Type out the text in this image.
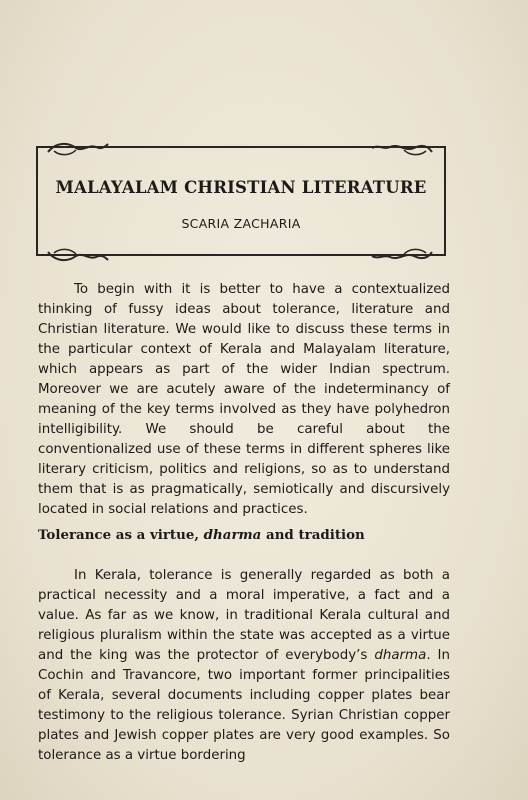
MALAYALAM CHRISTIAN LITERATURE
SCARIA ZACHARIA

To begin with it is better to have a contextualized thinking of fussy ideas about tolerance, literature and Christian literature. We would like to discuss these terms in the particular context of Kerala and Malayalam literature, which appears as part of the wider Indian spectrum. Moreover we are acutely aware of the indeterminancy of meaning of the key terms involved as they have polyhedron intelligibility. We should be careful about the conventionalized use of these terms in different spheres like literary criticism, politics and religions, so as to understand them that is as pragmatically, semiotically and discursively located in social relations and practices.

Tolerance as a virtue, dharma and tradition

In Kerala, tolerance is generally regarded as both a practical necessity and a moral imperative, a fact and a value. As far as we know, in traditional Kerala cultural and religious pluralism within the state was accepted as a virtue and the king was the protector of everybody’s dharma. In Cochin and Travancore, two important former principalities of Kerala, several documents including copper plates bear testimony to the religious tolerance. Syrian Christian copper plates and Jewish copper plates are very good examples. So tolerance as a virtue bordering
